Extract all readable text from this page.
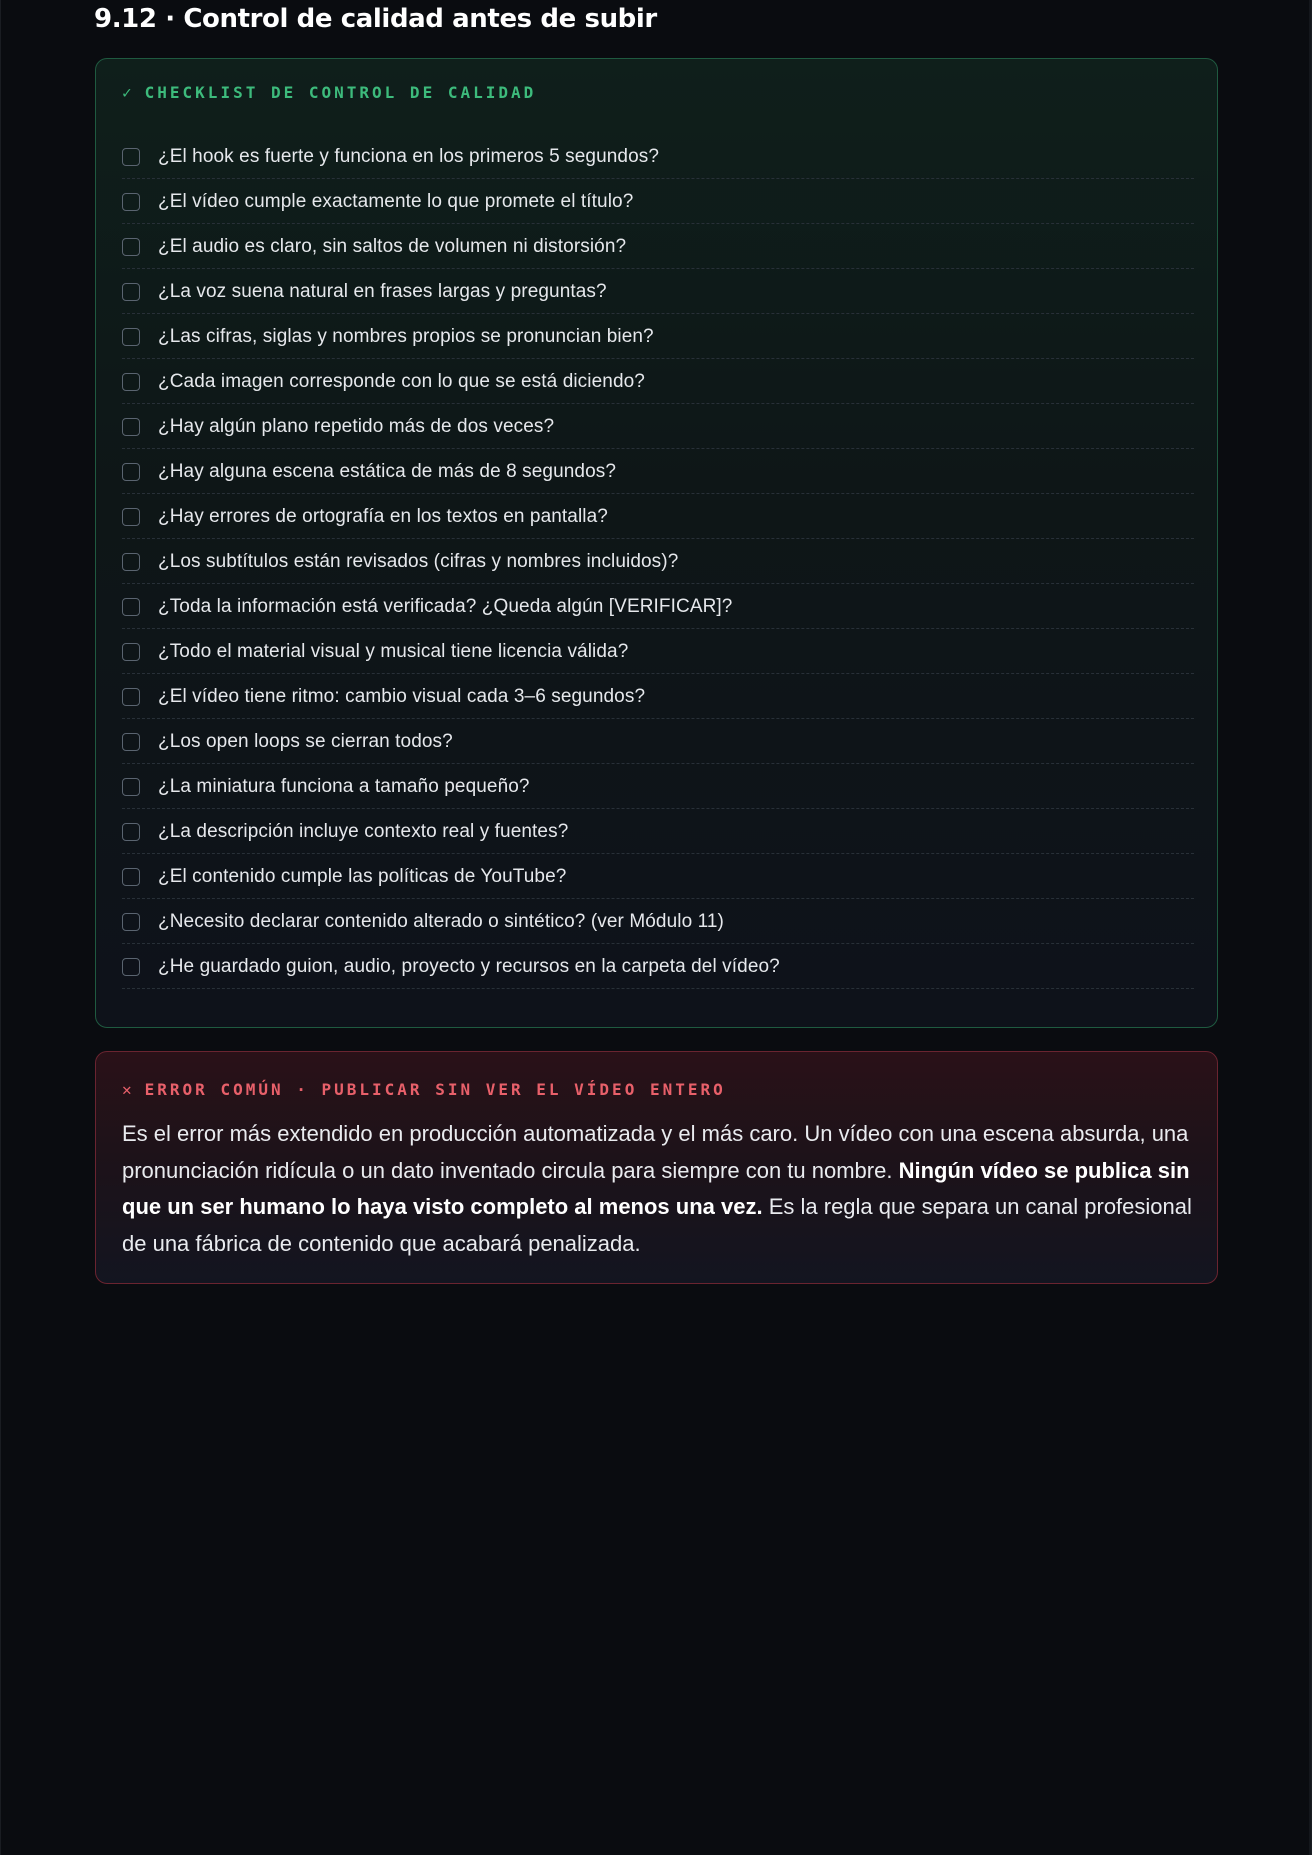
9.12 · Control de calidad antes de subir
✓ CHECKLIST DE CONTROL DE CALIDAD
¿El hook es fuerte y funciona en los primeros 5 segundos?
¿El vídeo cumple exactamente lo que promete el título?
¿El audio es claro, sin saltos de volumen ni distorsión?
¿La voz suena natural en frases largas y preguntas?
¿Las cifras, siglas y nombres propios se pronuncian bien?
¿Cada imagen corresponde con lo que se está diciendo?
¿Hay algún plano repetido más de dos veces?
¿Hay alguna escena estática de más de 8 segundos?
¿Hay errores de ortografía en los textos en pantalla?
¿Los subtítulos están revisados (cifras y nombres incluidos)?
¿Toda la información está verificada? ¿Queda algún [VERIFICAR]?
¿Todo el material visual y musical tiene licencia válida?
¿El vídeo tiene ritmo: cambio visual cada 3–6 segundos?
¿Los open loops se cierran todos?
¿La miniatura funciona a tamaño pequeño?
¿La descripción incluye contexto real y fuentes?
¿El contenido cumple las políticas de YouTube?
¿Necesito declarar contenido alterado o sintético? (ver Módulo 11)
¿He guardado guion, audio, proyecto y recursos en la carpeta del vídeo?
✕ ERROR COMÚN · PUBLICAR SIN VER EL VÍDEO ENTERO

Es el error más extendido en producción automatizada y el más caro. Un vídeo con una escena absurda, una pronunciación ridícula o un dato inventado circula para siempre con tu nombre. Ningún vídeo se publica sin que un ser humano lo haya visto completo al menos una vez. Es la regla que separa un canal profesional de una fábrica de contenido que acabará penalizada.
